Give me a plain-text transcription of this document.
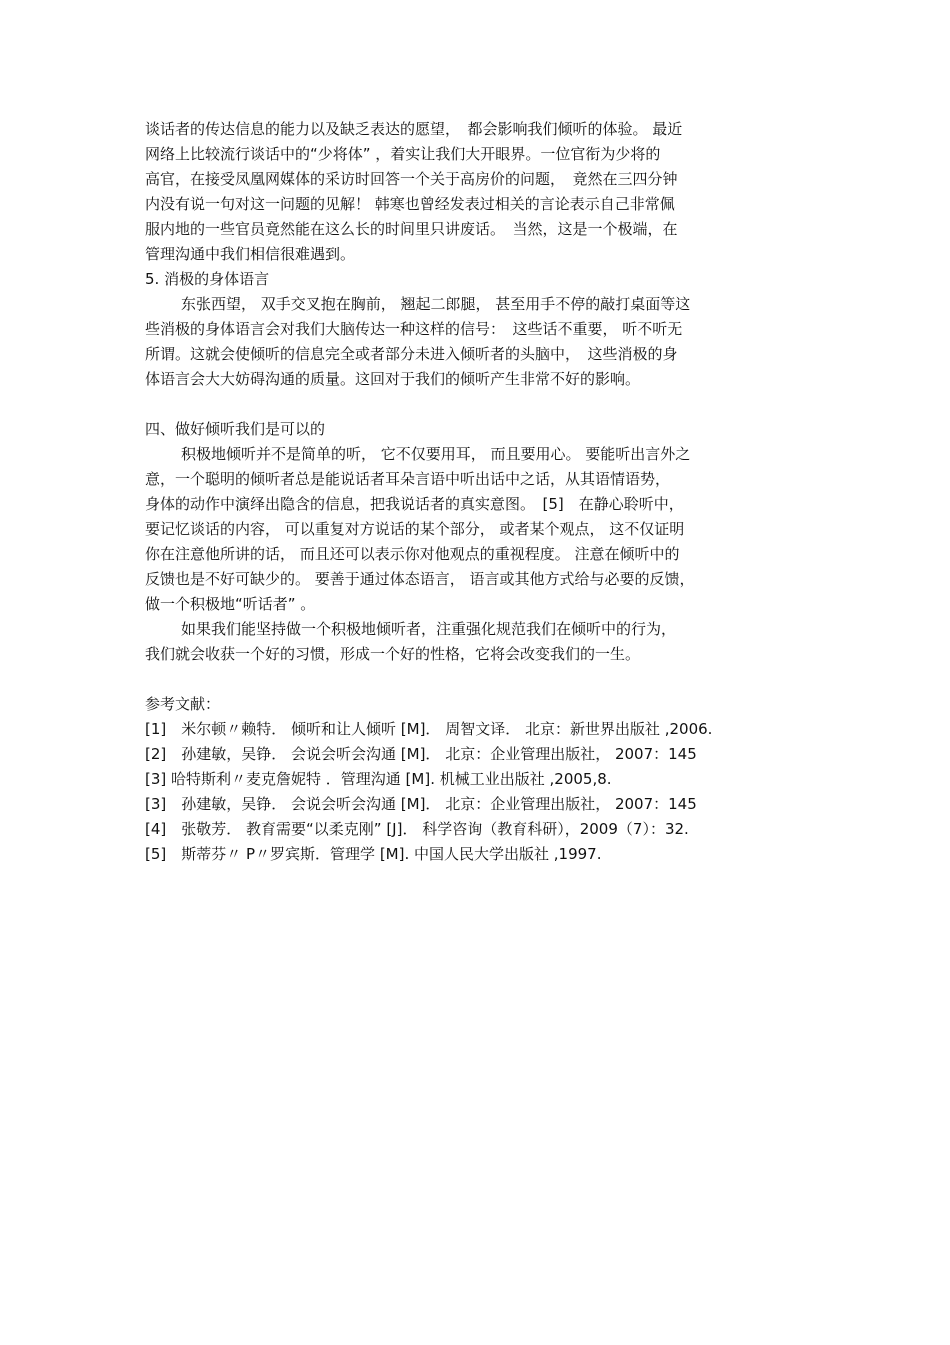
谈话者的传达信息的能力以及缺乏表达的愿望，　都会影响我们倾听的体验。 最近
网络上比较流行谈话中的“少将体” ，着实让我们大开眼界。一位官衔为少将的
高官，在接受凤凰网媒体的采访时回答一个关于高房价的问题，　竟然在三四分钟
内没有说一句对这一问题的见解！ 韩寒也曾经发表过相关的言论表示自己非常佩
服内地的一些官员竟然能在这么长的时间里只讲废话。　当然，这是一个极端，在
管理沟通中我们相信很难遇到。
5. 消极的身体语言
东张西望， 双手交叉抱在胸前， 翘起二郎腿， 甚至用手不停的敲打桌面等这
些消极的身体语言会对我们大脑传达一种这样的信号：　这些话不重要， 听不听无
所谓。这就会使倾听的信息完全或者部分未进入倾听者的头脑中，　这些消极的身
体语言会大大妨碍沟通的质量。这回对于我们的倾听产生非常不好的影响。
四、做好倾听我们是可以的
积极地倾听并不是简单的听， 它不仅要用耳， 而且要用心。 要能听出言外之
意，一个聪明的倾听者总是能说话者耳朵言语中听出话中之话，从其语情语势，
身体的动作中演绎出隐含的信息，把我说话者的真实意图。　[5]　在静心聆听中，
要记忆谈话的内容， 可以重复对方说话的某个部分， 或者某个观点， 这不仅证明
你在注意他所讲的话， 而且还可以表示你对他观点的重视程度。 注意在倾听中的
反馈也是不好可缺少的。 要善于通过体态语言， 语言或其他方式给与必要的反馈，
做一个积极地“听话者” 。
如果我们能坚持做一个积极地倾听者，注重强化规范我们在倾听中的行为，
我们就会收获一个好的习惯，形成一个好的性格，它将会改变我们的一生。
参考文献：
[1]　米尔顿〃赖特． 倾听和让人倾听 [M]． 周智文译． 北京：新世界出版社 ,2006.
[2]　孙建敏，吴铮． 会说会听会沟通 [M]． 北京：企业管理出版社， 2007：145
[3] 哈特斯利〃麦克詹妮特 ．管理沟通 [M]. 机械工业出版社 ,2005,8.
[3]　孙建敏，吴铮． 会说会听会沟通 [M]． 北京：企业管理出版社， 2007：145
[4]　张敬芳． 教育需要“以柔克刚” [J]． 科学咨询（教育科研），2009（7）：32.
[5]　斯蒂芬〃 P〃罗宾斯．管理学 [M]. 中国人民大学出版社 ,1997.
